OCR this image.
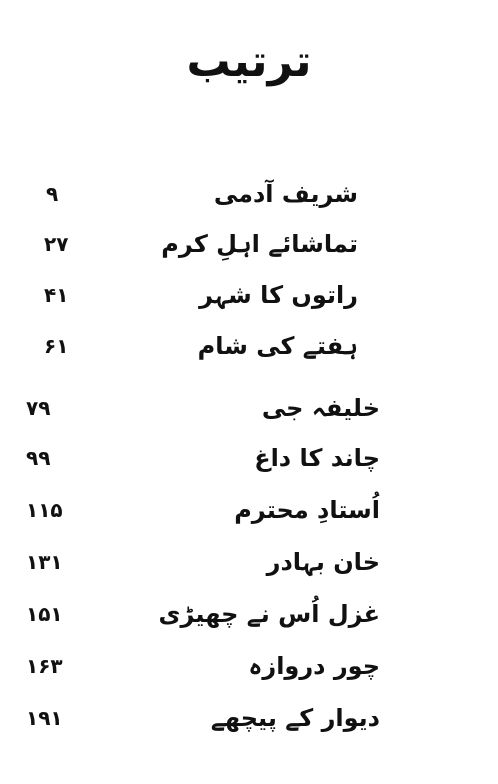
ترتیب
شریف آدمی
۹
تماشائے اہلِ کرم
۲۷
راتوں کا شہر
۴۱
ہفتے کی شام
۶۱
خلیفہ جی
۷۹
چاند کا داغ
۹۹
اُستادِ محترم
۱۱۵
خان بہادر
۱۳۱
غزل اُس نے چھیڑی
۱۵۱
چور دروازہ
۱۶۳
دیوار کے پیچھے
۱۹۱
